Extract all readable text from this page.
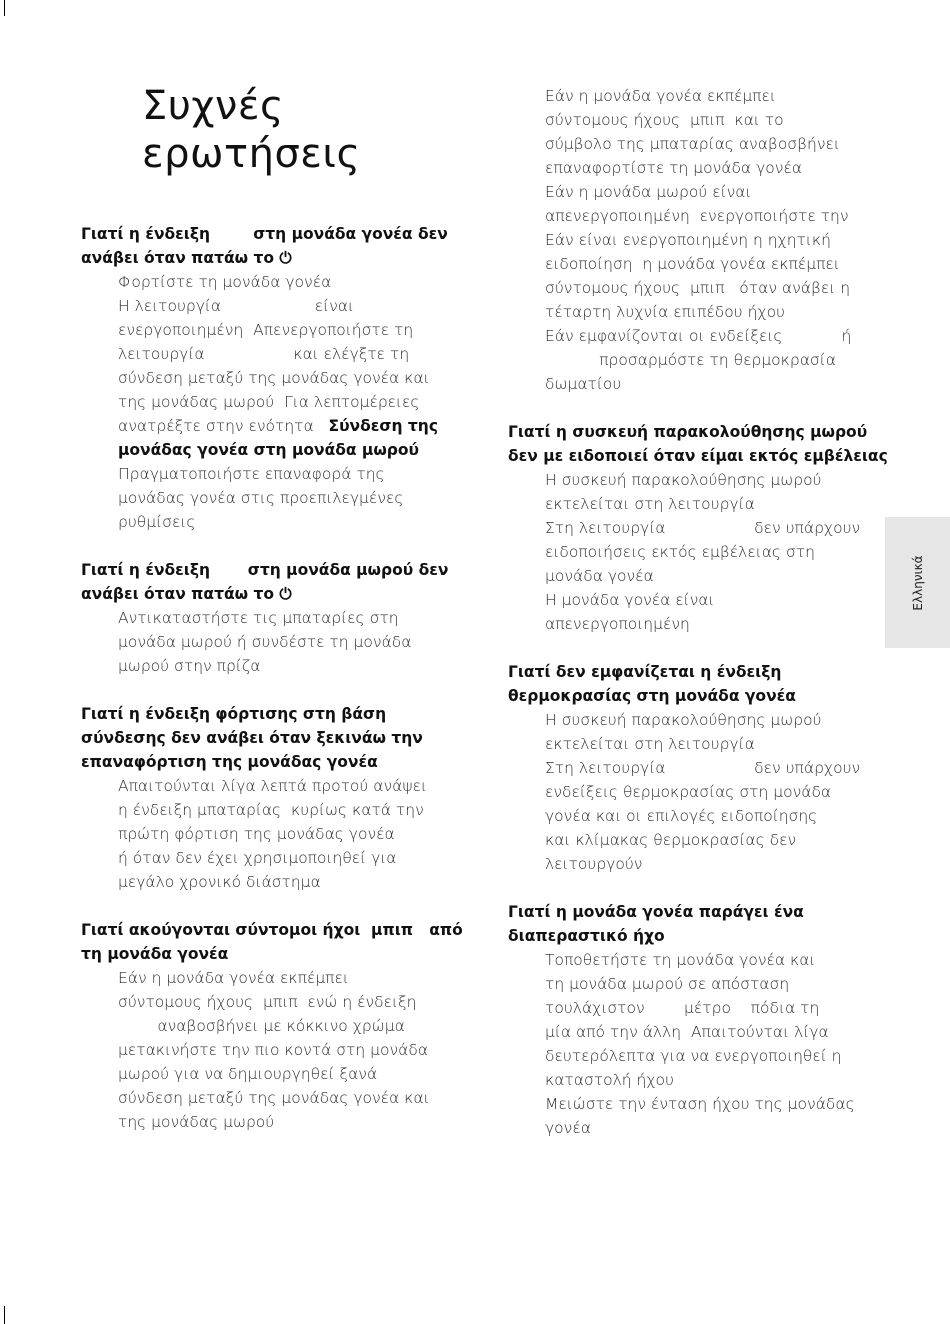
Συχνές
ερωτήσεις
Γιατί η ένδειξη        στη μονάδα γονέα δεν
ανάβει όταν πατάω το ⏻
Φορτίστε τη μονάδα γονέα
Η λειτουργία                   είναι
ενεργοποιημένη  Απενεργοποιήστε τη
λειτουργία                  και ελέγξτε τη
σύνδεση μεταξύ της μονάδας γονέα και
της μονάδας μωρού  Για λεπτομέρειες
ανατρέξτε στην ενότητα Σύνδεση της
μονάδας γονέα στη μονάδα μωρού
Πραγματοποιήστε επαναφορά της
μονάδας γονέα στις προεπιλεγμένες
ρυθμίσεις
Γιατί η ένδειξη       στη μονάδα μωρού δεν
ανάβει όταν πατάω το ⏻
Αντικαταστήστε τις μπαταρίες στη
μονάδα μωρού ή συνδέστε τη μονάδα
μωρού στην πρίζα
Γιατί η ένδειξη φόρτισης στη βάση
σύνδεσης δεν ανάβει όταν ξεκινάω την
επαναφόρτιση της μονάδας γονέα
Απαιτούνται λίγα λεπτά προτού ανάψει
η ένδειξη μπαταρίας  κυρίως κατά την
πρώτη φόρτιση της μονάδας γονέα
ή όταν δεν έχει χρησιμοποιηθεί για
μεγάλο χρονικό διάστημα
Γιατί ακούγονται σύντομοι ήχοι  μπιπ   από
τη μονάδα γονέα
Εάν η μονάδα γονέα εκπέμπει
σύντομους ήχους  μπιπ  ενώ η ένδειξη
αναβοσβήνει με κόκκινο χρώμα
μετακινήστε την πιο κοντά στη μονάδα
μωρού για να δημιουργηθεί ξανά
σύνδεση μεταξύ της μονάδας γονέα και
της μονάδας μωρού
Εάν η μονάδα γονέα εκπέμπει
σύντομους ήχους  μπιπ  και το
σύμβολο της μπαταρίας αναβοσβήνει
επαναφορτίστε τη μονάδα γονέα
Εάν η μονάδα μωρού είναι
απενεργοποιημένη  ενεργοποιήστε την
Εάν είναι ενεργοποιημένη η ηχητική
ειδοποίηση  η μονάδα γονέα εκπέμπει
σύντομους ήχους  μπιπ   όταν ανάβει η
τέταρτη λυχνία επιπέδου ήχου
Εάν εμφανίζονται οι ενδείξεις            ή
προσαρμόστε τη θερμοκρασία
δωματίου
Γιατί η συσκευή παρακολούθησης μωρού
δεν με ειδοποιεί όταν είμαι εκτός εμβέλειας
Η συσκευή παρακολούθησης μωρού
εκτελείται στη λειτουργία
Στη λειτουργία                  δεν υπάρχουν
ειδοποιήσεις εκτός εμβέλειας στη
μονάδα γονέα
Η μονάδα γονέα είναι
απενεργοποιημένη
Γιατί δεν εμφανίζεται η ένδειξη
θερμοκρασίας στη μονάδα γονέα
Η συσκευή παρακολούθησης μωρού
εκτελείται στη λειτουργία
Στη λειτουργία                  δεν υπάρχουν
ενδείξεις θερμοκρασίας στη μονάδα
γονέα και οι επιλογές ειδοποίησης
και κλίμακας θερμοκρασίας δεν
λειτουργούν
Γιατί η μονάδα γονέα παράγει ένα
διαπεραστικό ήχο
Τοποθετήστε τη μονάδα γονέα και
τη μονάδα μωρού σε απόσταση
τουλάχιστον        μέτρο    πόδια τη
μία από την άλλη  Απαιτούνται λίγα
δευτερόλεπτα για να ενεργοποιηθεί η
καταστολή ήχου
Μειώστε την ένταση ήχου της μονάδας
γονέα
Ελληνικά
